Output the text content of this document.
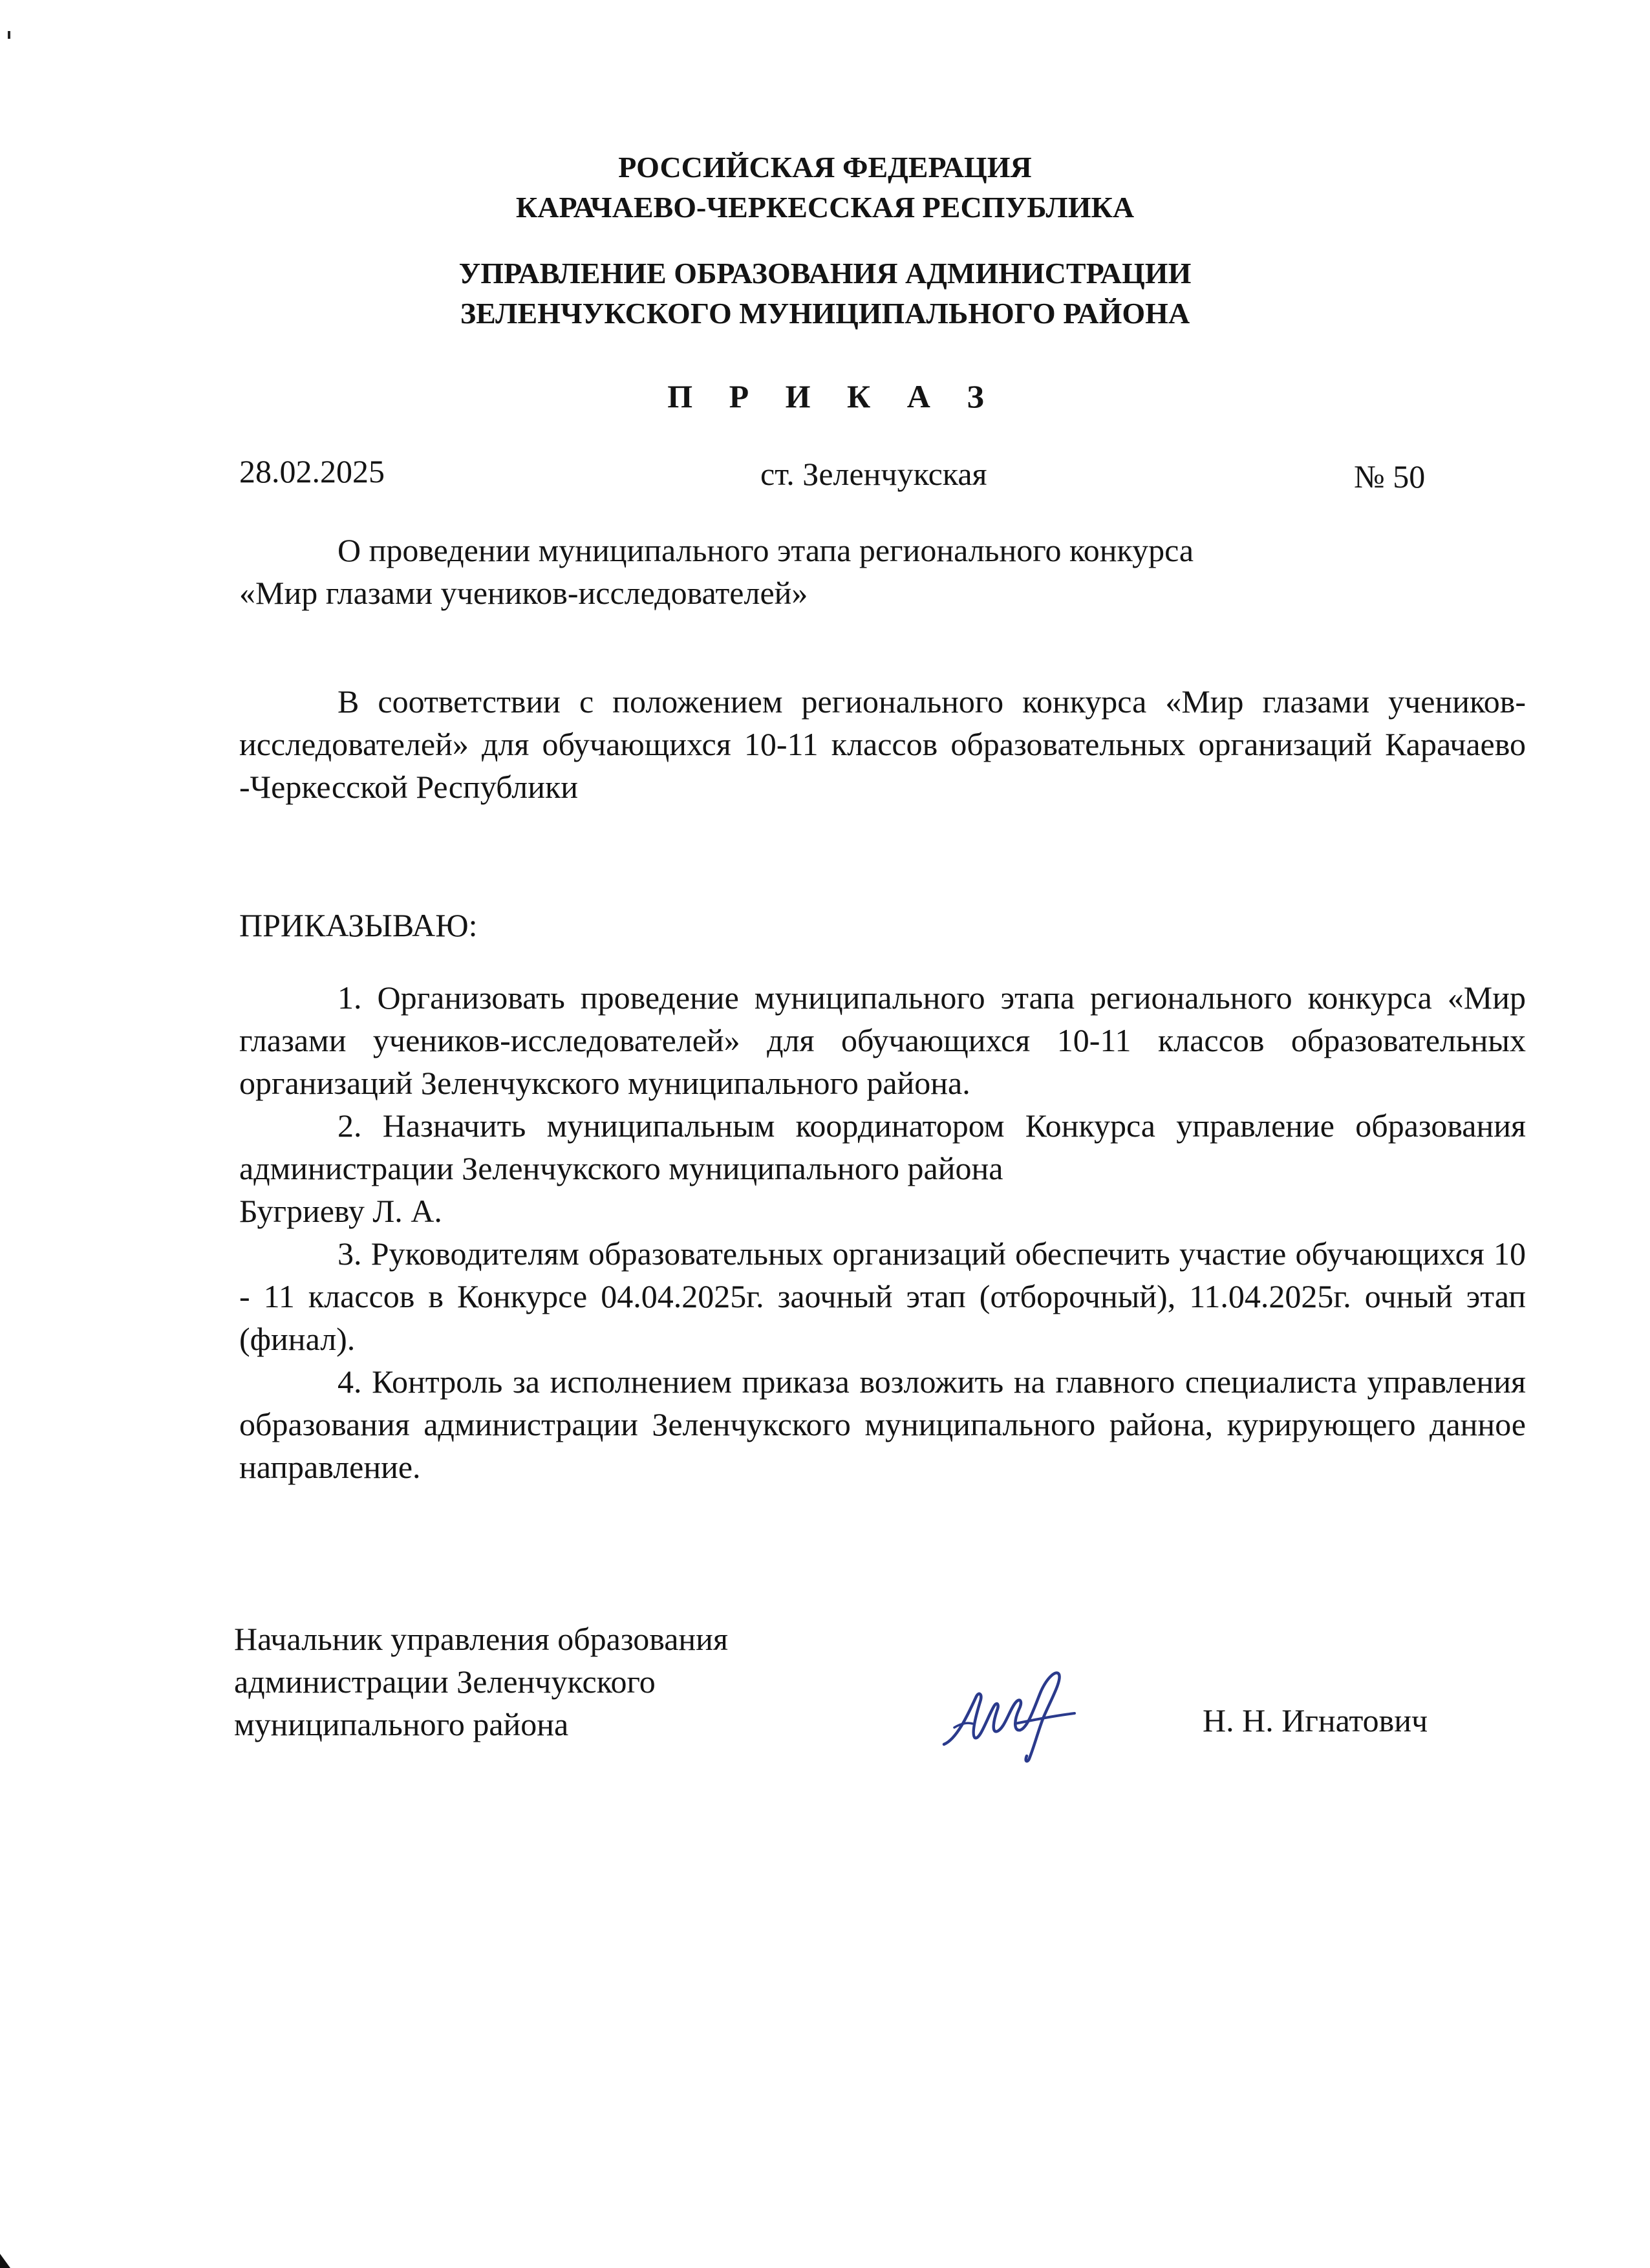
РОССИЙСКАЯ ФЕДЕРАЦИЯ
КАРАЧАЕВО-ЧЕРКЕССКАЯ РЕСПУБЛИКА
УПРАВЛЕНИЕ ОБРАЗОВАНИЯ АДМИНИСТРАЦИИ
ЗЕЛЕНЧУКСКОГО МУНИЦИПАЛЬНОГО РАЙОНА
П Р И К А З
28.02.2025	ст. Зеленчукская	№ 50
О проведении муниципального этапа регионального конкурса
«Мир глазами учеников-исследователей»

В соответствии с положением регионального конкурса «Мир глазами учеников-исследователей» для обучающихся 10-11 классов образовательных организаций Карачаево -Черкесской Республики

ПРИКАЗЫВАЮ:

1. Организовать проведение муниципального этапа регионального конкурса «Мир глазами учеников-исследователей» для обучающихся 10-11 классов образовательных организаций Зеленчукского муниципального района.

2. Назначить муниципальным координатором Конкурса управление образования администрации Зеленчукского муниципального района

Бугриеву Л. А.

3. Руководителям образовательных организаций обеспечить участие обучающихся 10 - 11 классов в Конкурсе 04.04.2025г. заочный этап (отборочный), 11.04.2025г. очный этап (финал).

4. Контроль за исполнением приказа возложить на главного специалиста управления образования администрации Зеленчукского муниципального района, курирующего данное направление.

Начальник управления образования
администрации Зеленчукского
муниципального района	Н. Н. Игнатович
